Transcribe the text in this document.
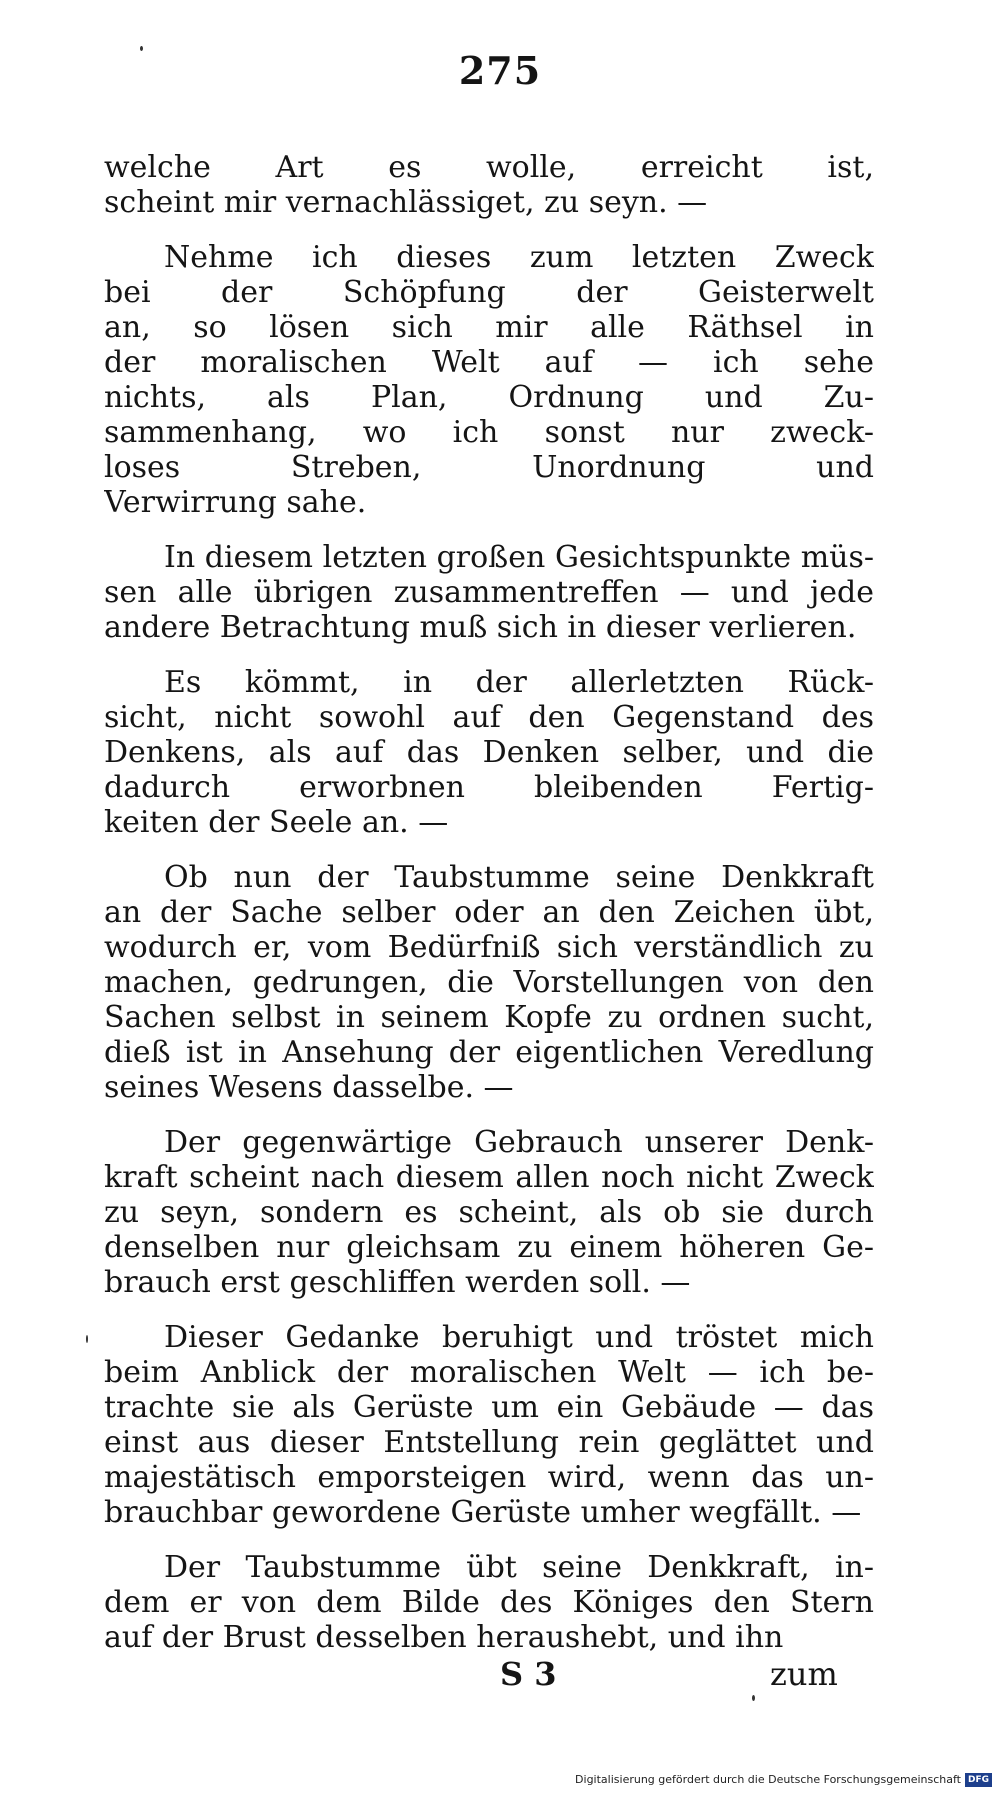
275
welche Art es wolle, erreicht ist,
scheint mir vernachlässiget, zu seyn. —
Nehme ich dieses zum letzten Zweck
bei der Schöpfung der Geisterwelt
an, so lösen sich mir alle Räthsel in
der moralischen Welt auf — ich sehe
nichts, als Plan, Ordnung und Zu-
sammenhang, wo ich sonst nur zweck-
loses Streben, Unordnung und
Verwirrung sahe.
In diesem letzten großen Gesichtspunkte müs-
sen alle übrigen zusammentreffen — und jede
andere Betrachtung muß sich in dieser verlieren.
Es kömmt, in der allerletzten Rück-
sicht, nicht sowohl auf den Gegenstand des
Denkens, als auf das Denken selber, und die
dadurch erworbnen bleibenden Fertig-
keiten der Seele an. —
Ob nun der Taubstumme seine Denkkraft
an der Sache selber oder an den Zeichen übt,
wodurch er, vom Bedürfniß sich verständlich zu
machen, gedrungen, die Vorstellungen von den
Sachen selbst in seinem Kopfe zu ordnen sucht,
dieß ist in Ansehung der eigentlichen Veredlung
seines Wesens dasselbe. —
Der gegenwärtige Gebrauch unserer Denk-
kraft scheint nach diesem allen noch nicht Zweck
zu seyn, sondern es scheint, als ob sie durch
denselben nur gleichsam zu einem höheren Ge-
brauch erst geschliffen werden soll. —
Dieser Gedanke beruhigt und tröstet mich
beim Anblick der moralischen Welt — ich be-
trachte sie als Gerüste um ein Gebäude — das
einst aus dieser Entstellung rein geglättet und
majestätisch emporsteigen wird, wenn das un-
brauchbar gewordene Gerüste umher wegfällt. —
Der Taubstumme übt seine Denkkraft, in-
dem er von dem Bilde des Königes den Stern
auf der Brust desselben heraushebt, und ihn
S 3	zum
Digitalisierung gefördert durch die Deutsche Forschungsgemeinschaft DFG
